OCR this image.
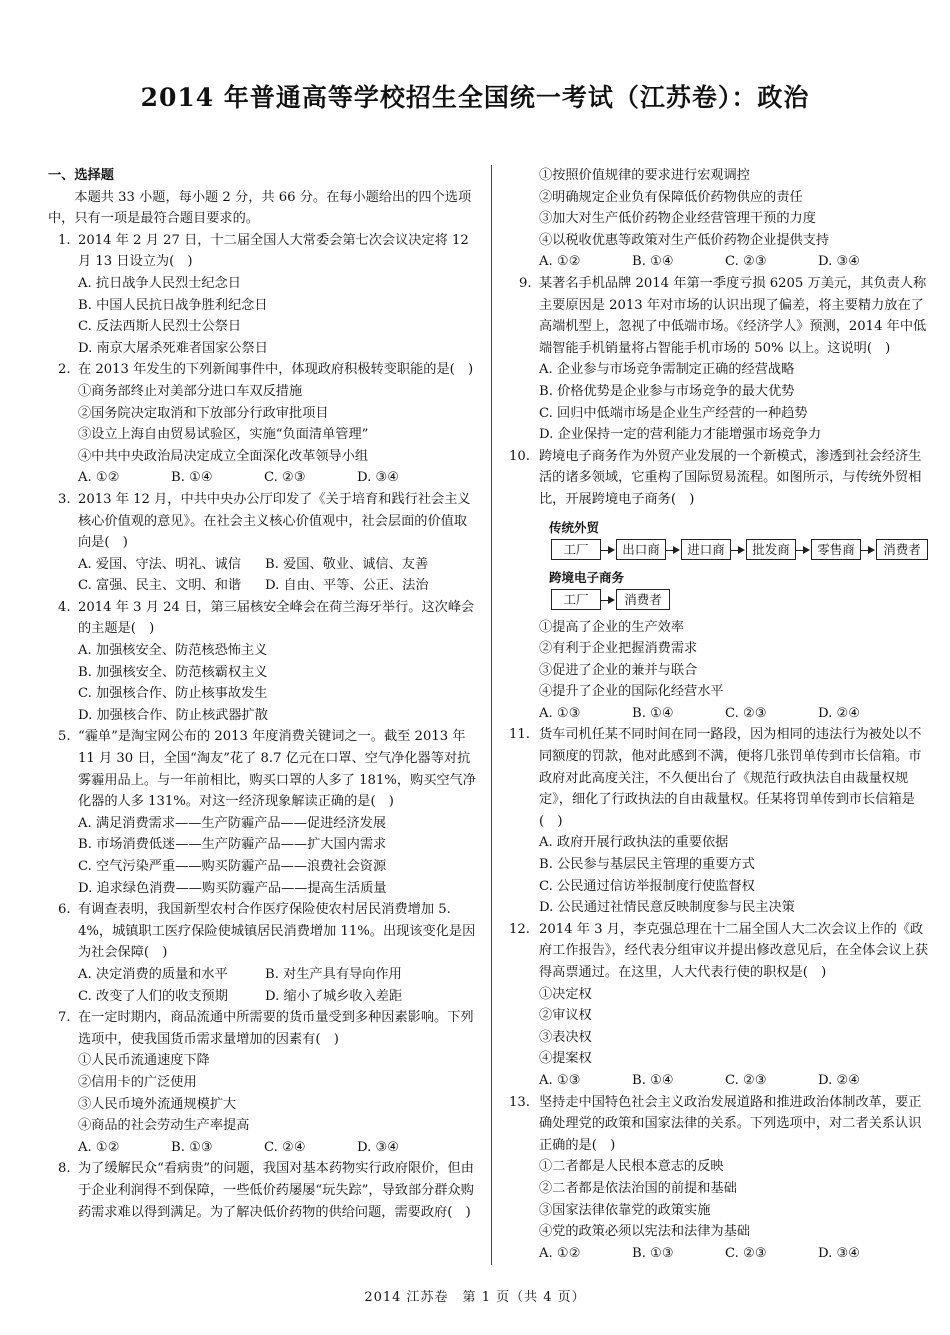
2014 年普通高等学校招生全国统一考试（江苏卷）：政治
一、选择题
本题共 33 小题，每小题 2 分，共 66 分。在每小题给出的四个选项中，只有一项是最符合题目要求的。
1. 2014 年 2 月 27 日，十二届全国人大常委会第七次会议决定将 12 月 13 日设立为(　)
A. 抗日战争人民烈士纪念日
B. 中国人民抗日战争胜利纪念日
C. 反法西斯人民烈士公祭日
D. 南京大屠杀死难者国家公祭日
2. 在 2013 年发生的下列新闻事件中，体现政府积极转变职能的是(　)
①商务部终止对美部分进口车双反措施
②国务院决定取消和下放部分行政审批项目
③设立上海自由贸易试验区，实施“负面清单管理”
④中共中央政治局决定成立全面深化改革领导小组
A. ①②	B. ①④	C. ②③	D. ③④
3. 2013 年 12 月，中共中央办公厅印发了《关于培育和践行社会主义核心价值观的意见》。在社会主义核心价值观中，社会层面的价值取向是(　)
A. 爱国、守法、明礼、诚信	B. 爱国、敬业、诚信、友善
C. 富强、民主、文明、和谐	D. 自由、平等、公正、法治
4. 2014 年 3 月 24 日，第三届核安全峰会在荷兰海牙举行。这次峰会的主题是(　)
A. 加强核安全、防范核恐怖主义
B. 加强核安全、防范核霸权主义
C. 加强核合作、防止核事故发生
D. 加强核合作、防止核武器扩散
5. “霾单”是淘宝网公布的 2013 年度消费关键词之一。截至 2013 年 11 月 30 日，全国“淘友”花了 8.7 亿元在口罩、空气净化器等对抗雾霾用品上。与一年前相比，购买口罩的人多了 181%，购买空气净化器的人多 131%。对这一经济现象解读正确的是(　)
A. 满足消费需求——生产防霾产品——促进经济发展
B. 市场消费低迷——生产防霾产品——扩大国内需求
C. 空气污染严重——购买防霾产品——浪费社会资源
D. 追求绿色消费——购买防霾产品——提高生活质量
6. 有调查表明，我国新型农村合作医疗保险使农村居民消费增加 5. 4%，城镇职工医疗保险使城镇居民消费增加 11%。出现该变化是因为社会保障(　)
A. 决定消费的质量和水平	B. 对生产具有导向作用
C. 改变了人们的收支预期	D. 缩小了城乡收入差距
7. 在一定时期内，商品流通中所需要的货币量受到多种因素影响。下列选项中，使我国货币需求量增加的因素有(　)
①人民币流通速度下降
②信用卡的广泛使用
③人民币境外流通规模扩大
④商品的社会劳动生产率提高
A. ①②	B. ①③	C. ②④	D. ③④
8. 为了缓解民众“看病贵”的问题，我国对基本药物实行政府限价，但由于企业利润得不到保障，一些低价药屡屡“玩失踪”，导致部分群众购药需求难以得到满足。为了解决低价药物的供给问题，需要政府(　)
①按照价值规律的要求进行宏观调控
②明确规定企业负有保障低价药物供应的责任
③加大对生产低价药物企业经营管理干预的力度
④以税收优惠等政策对生产低价药物企业提供支持
A. ①②	B. ①④	C. ②③	D. ③④
9. 某著名手机品牌 2014 年第一季度亏损 6205 万美元，其负责人称主要原因是 2013 年对市场的认识出现了偏差，将主要精力放在了高端机型上，忽视了中低端市场。《经济学人》预测，2014 年中低端智能手机销量将占智能手机市场的 50% 以上。这说明(　)
A. 企业参与市场竞争需制定正确的经营战略
B. 价格优势是企业参与市场竞争的最大优势
C. 回归中低端市场是企业生产经营的一种趋势
D. 企业保持一定的营利能力才能增强市场竞争力
10. 跨境电子商务作为外贸产业发展的一个新模式，渗透到社会经济生活的诸多领域，它重构了国际贸易流程。如图所示，与传统外贸相比，开展跨境电子商务(　)
传统外贸
工厂	出口商	进口商	批发商	零售商	消费者
跨境电子商务
工厂	消费者
①提高了企业的生产效率
②有利于企业把握消费需求
③促进了企业的兼并与联合
④提升了企业的国际化经营水平
A. ①③	B. ①④	C. ②③	D. ②④
11. 货车司机任某不同时间在同一路段，因为相同的违法行为被处以不同额度的罚款，他对此感到不满，便将几张罚单传到市长信箱。市政府对此高度关注，不久便出台了《规范行政执法自由裁量权规定》，细化了行政执法的自由裁量权。任某将罚单传到市长信箱是(　)
A. 政府开展行政执法的重要依据
B. 公民参与基层民主管理的重要方式
C. 公民通过信访举报制度行使监督权
D. 公民通过社情民意反映制度参与民主决策
12. 2014 年 3 月，李克强总理在十二届全国人大二次会议上作的《政府工作报告》，经代表分组审议并提出修改意见后，在全体会议上获得高票通过。在这里，人大代表行使的职权是(　)
①决定权
②审议权
③表决权
④提案权
A. ①③	B. ①④	C. ②③	D. ②④
13. 坚持走中国特色社会主义政治发展道路和推进政治体制改革，要正确处理党的政策和国家法律的关系。下列选项中，对二者关系认识正确的是(　)
①二者都是人民根本意志的反映
②二者都是依法治国的前提和基础
③国家法律依靠党的政策实施
④党的政策必须以宪法和法律为基础
A. ①②	B. ①③	C. ②③	D. ③④
2014 江苏卷　第 1 页（共 4 页）
